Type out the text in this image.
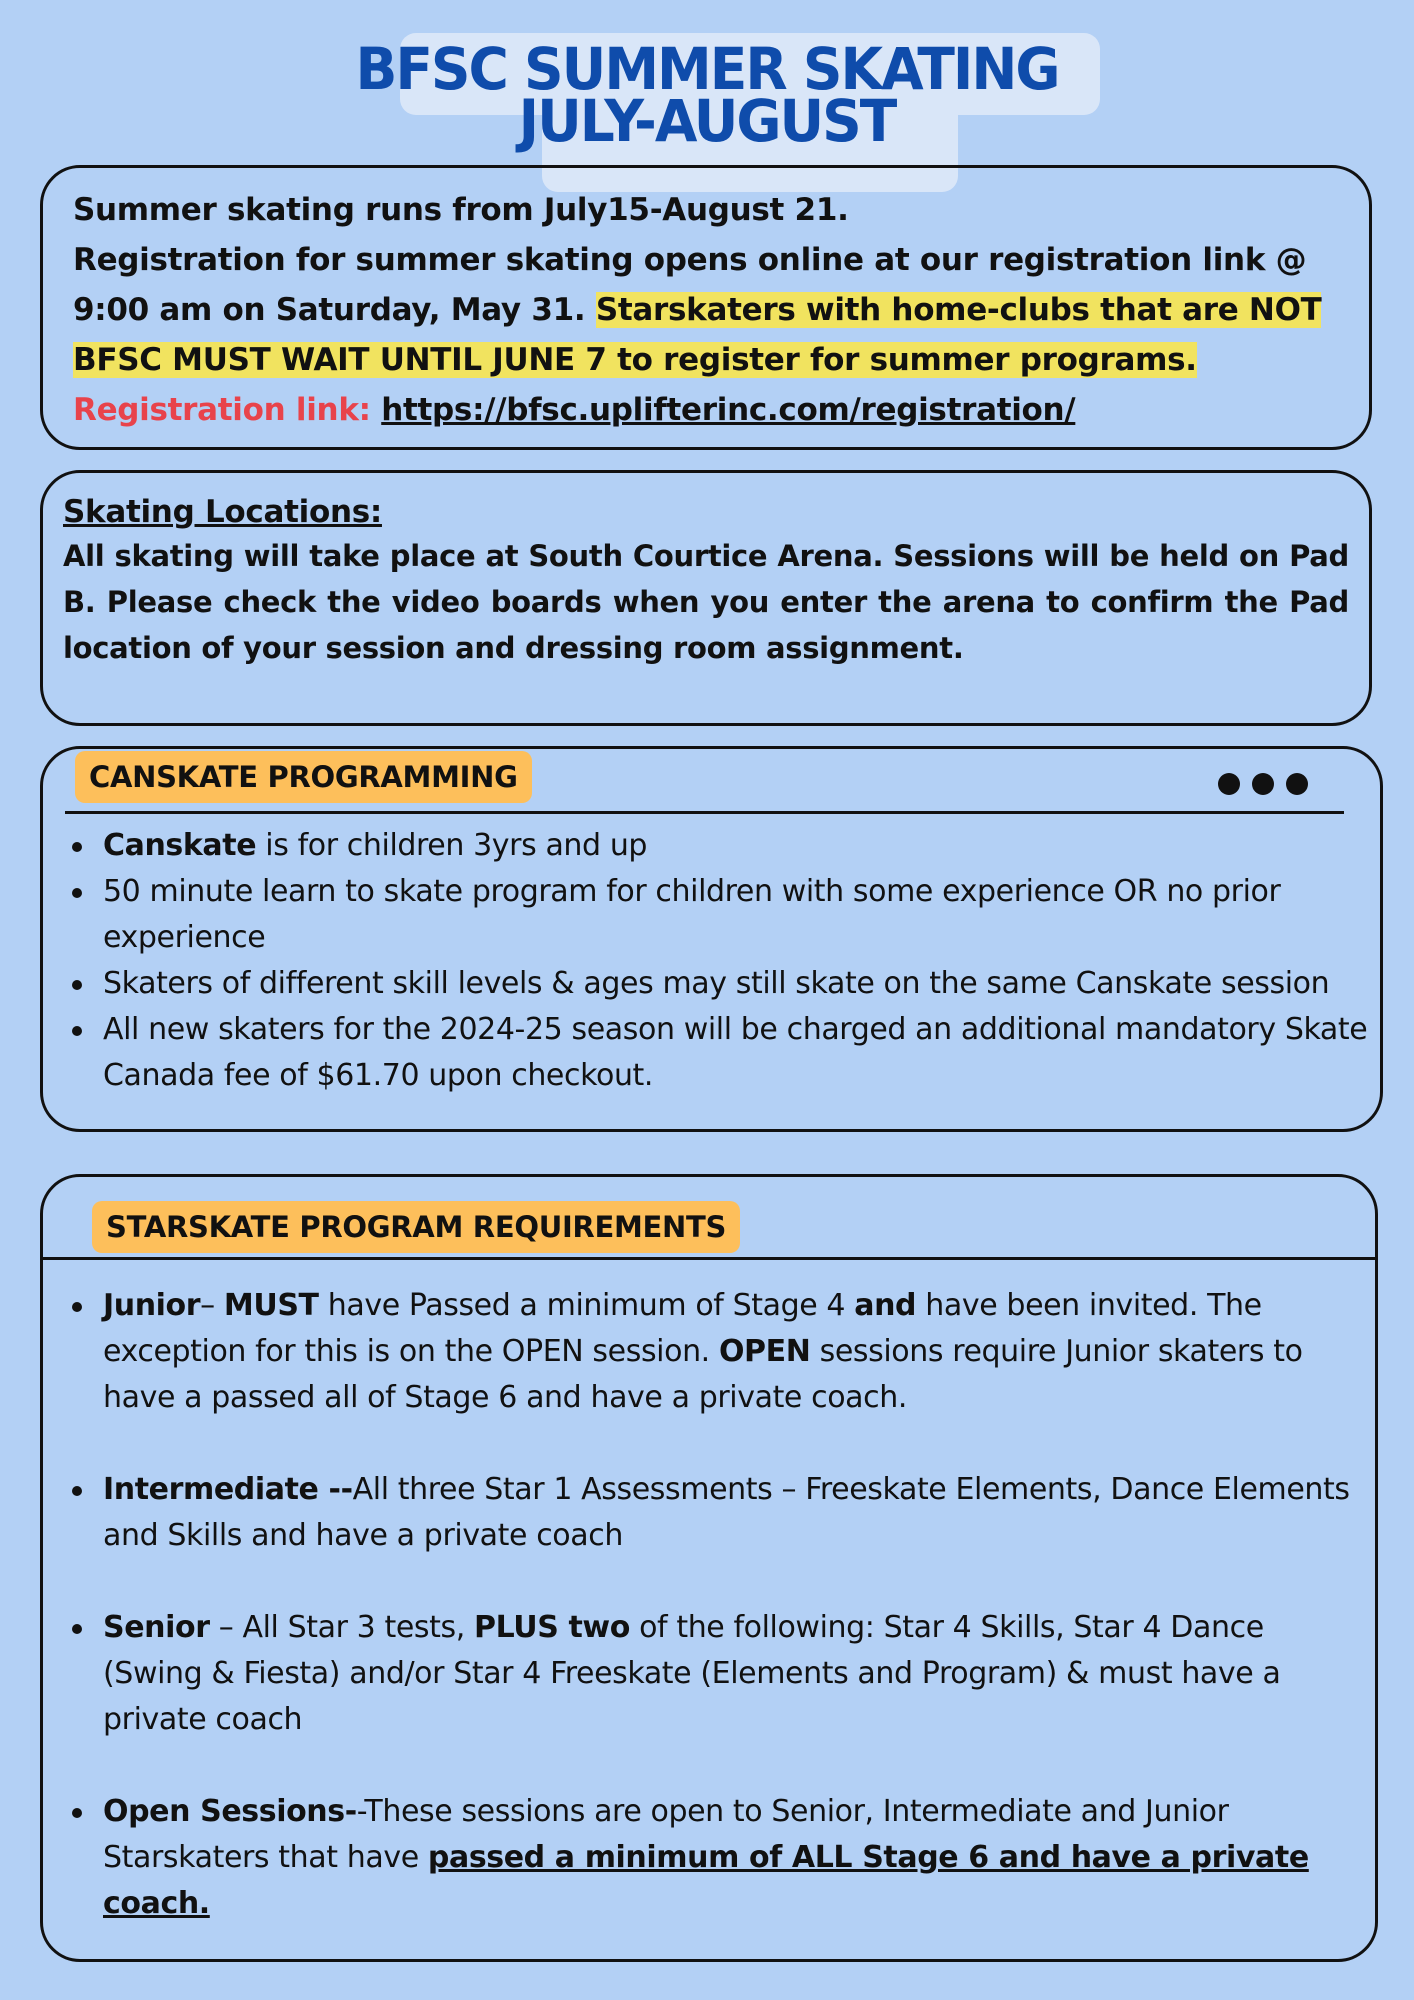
BFSC SUMMER SKATING
JULY-AUGUST
Summer skating runs from July15-August 21.
Registration for summer skating opens online at our registration link @ 9:00 am on Saturday, May 31. Starskaters with home-clubs that are NOT BFSC MUST WAIT UNTIL JUNE 7 to register for summer programs.
Registration link: https://bfsc.uplifterinc.com/registration/
Skating Locations:
All skating will take place at South Courtice Arena. Sessions will be held on Pad B. Please check the video boards when you enter the arena to confirm the Pad location of your session and dressing room assignment.
CANSKATE PROGRAMMING
Canskate is for children 3yrs and up
50 minute learn to skate program for children with some experience OR no prior experience
Skaters of different skill levels & ages may still skate on the same Canskate session
All new skaters for the 2024-25 season will be charged an additional mandatory Skate Canada fee of $61.70 upon checkout.
STARSKATE PROGRAM REQUIREMENTS
Junior– MUST have Passed a minimum of Stage 4 and have been invited. The exception for this is on the OPEN session. OPEN sessions require Junior skaters to have a passed all of Stage 6 and have a private coach.
Intermediate --All three Star 1 Assessments – Freeskate Elements, Dance Elements and Skills and have a private coach
Senior – All Star 3 tests, PLUS two of the following: Star 4 Skills, Star 4 Dance (Swing & Fiesta) and/or Star 4 Freeskate (Elements and Program) & must have a private coach
Open Sessions--These sessions are open to Senior, Intermediate and Junior Starskaters that have passed a minimum of ALL Stage 6 and have a private coach.
